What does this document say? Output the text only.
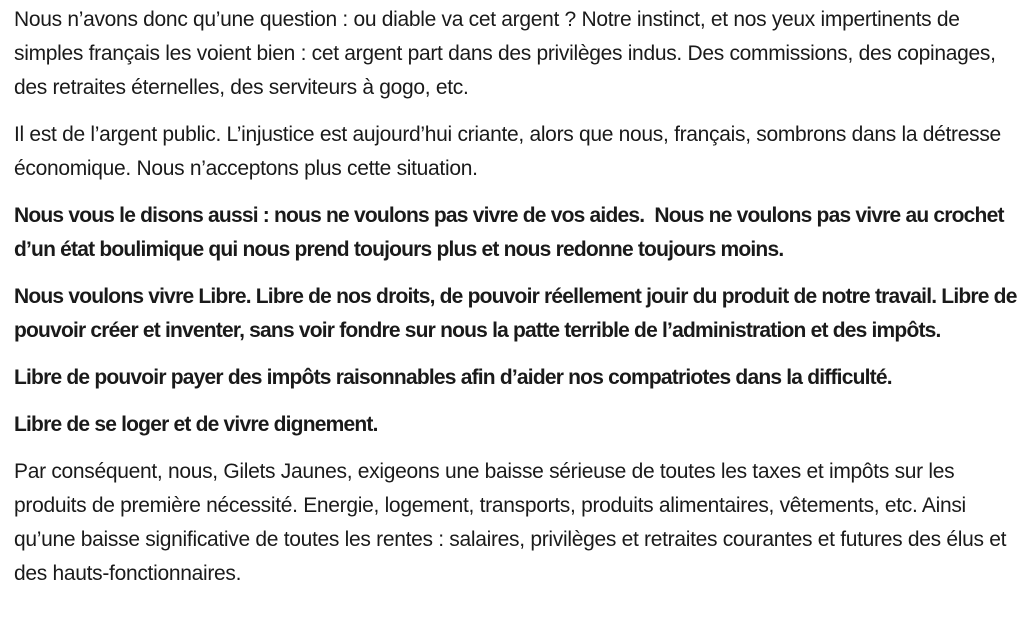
Nous n’avons donc qu’une question : ou diable va cet argent ? Notre instinct, et nos yeux impertinents de simples français les voient bien : cet argent part dans des privilèges indus. Des commissions, des copinages, des retraites éternelles, des serviteurs à gogo, etc.

Il est de l’argent public. L’injustice est aujourd’hui criante, alors que nous, français, sombrons dans la détresse économique. Nous n’acceptons plus cette situation.

Nous vous le disons aussi : nous ne voulons pas vivre de vos aides.  Nous ne voulons pas vivre au crochet d’un état boulimique qui nous prend toujours plus et nous redonne toujours moins.

Nous voulons vivre Libre. Libre de nos droits, de pouvoir réellement jouir du produit de notre travail. Libre de pouvoir créer et inventer, sans voir fondre sur nous la patte terrible de l’administration et des impôts.

Libre de pouvoir payer des impôts raisonnables afin d’aider nos compatriotes dans la difficulté.

Libre de se loger et de vivre dignement.

Par conséquent, nous, Gilets Jaunes, exigeons une baisse sérieuse de toutes les taxes et impôts sur les produits de première nécessité. Energie, logement, transports, produits alimentaires, vêtements, etc. Ainsi qu’une baisse significative de toutes les rentes : salaires, privilèges et retraites courantes et futures des élus et des hauts-fonctionnaires.
